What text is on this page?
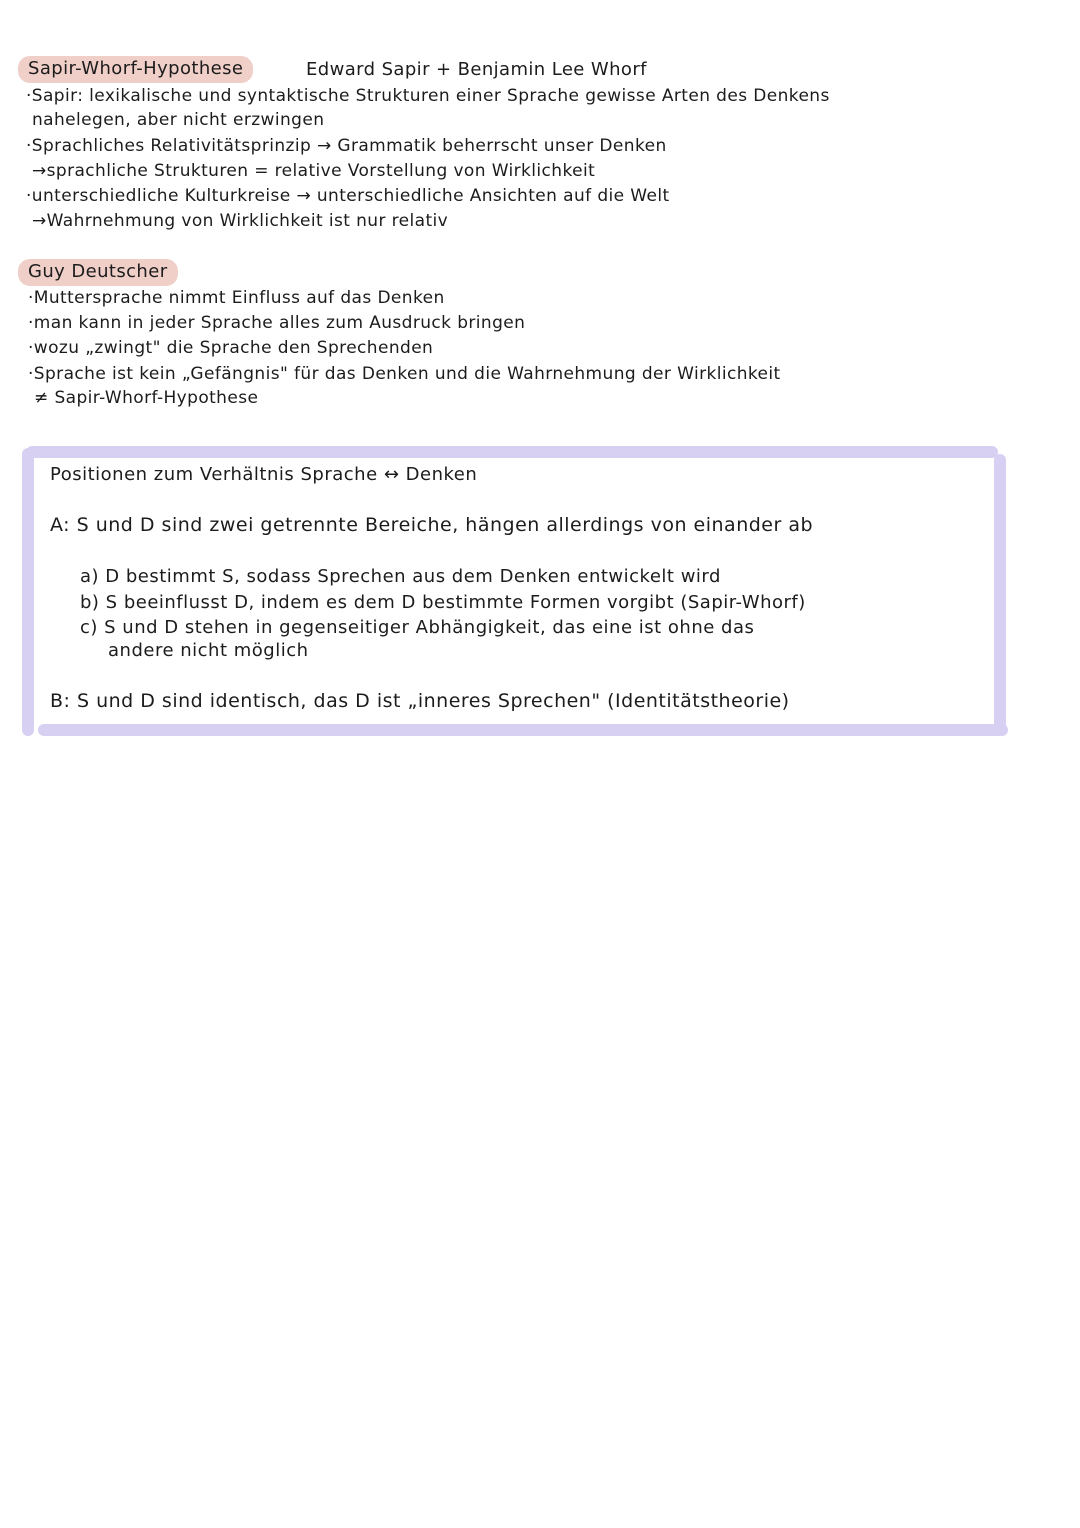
Sapir-Whorf-Hypothese	Edward Sapir + Benjamin Lee Whorf
·Sapir: lexikalische und syntaktische Strukturen einer Sprache gewisse Arten des Denkens
nahelegen, aber nicht erzwingen
·Sprachliches Relativitätsprinzip → Grammatik beherrscht unser Denken
→sprachliche Strukturen = relative Vorstellung von Wirklichkeit
·unterschiedliche Kulturkreise → unterschiedliche Ansichten auf die Welt
→Wahrnehmung von Wirklichkeit ist nur relativ
Guy Deutscher
·Muttersprache nimmt Einfluss auf das Denken
·man kann in jeder Sprache alles zum Ausdruck bringen
·wozu „zwingt" die Sprache den Sprechenden
·Sprache ist kein „Gefängnis" für das Denken und die Wahrnehmung der Wirklichkeit
≠ Sapir-Whorf-Hypothese
Positionen zum Verhältnis Sprache ↔ Denken
A: S und D sind zwei getrennte Bereiche, hängen allerdings von einander ab
a) D bestimmt S, sodass Sprechen aus dem Denken entwickelt wird
b) S beeinflusst D, indem es dem D bestimmte Formen vorgibt (Sapir-Whorf)
c) S und D stehen in gegenseitiger Abhängigkeit, das eine ist ohne das
andere nicht möglich
B: S und D sind identisch, das D ist „inneres Sprechen" (Identitätstheorie)
